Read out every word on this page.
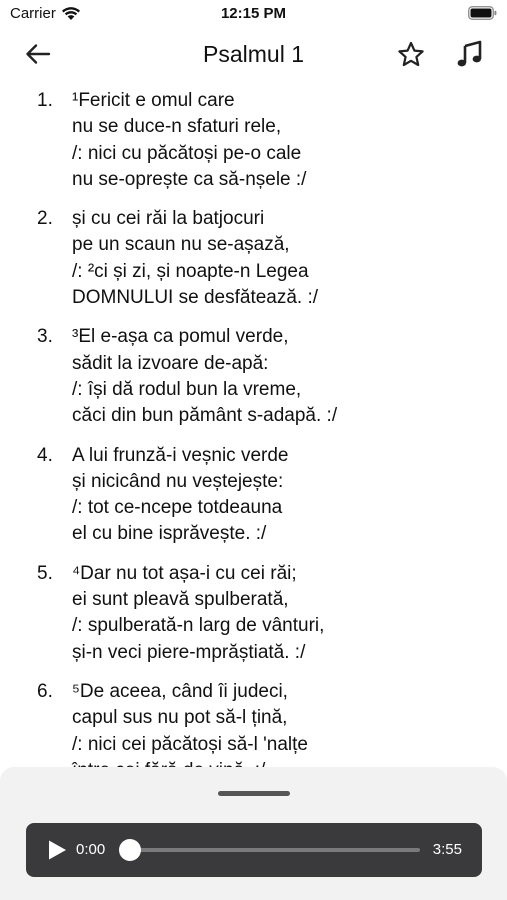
Carrier	12:15 PM
Psalmul 1
1. ¹Fericit e omul care
nu se duce-n sfaturi rele,
/: nici cu păcătoși pe-o cale
nu se-oprește ca să-nșele :/
2. și cu cei răi la batjocuri
pe un scaun nu se-așază,
/: ²ci și zi, și noapte-n Legea
DOMNULUI se desfătează. :/
3. ³El e-așa ca pomul verde,
sădit la izvoare de-apă:
/: își dă rodul bun la vreme,
căci din bun pământ s-adapă. :/
4. A lui frunză-i veșnic verde
și nicicând nu veștejește:
/: tot ce-ncepe totdeauna
el cu bine isprăvește. :/
5. ⁴Dar nu tot așa-i cu cei răi;
ei sunt pleavă spulberată,
/: spulberată-n larg de vânturi,
și-n veci piere-mprăștiată. :/
6. ⁵De aceea, când îi judeci,
capul sus nu pot să-l țină,
/: nici cei păcătoși să-l 'nalțe
0:00	3:55
